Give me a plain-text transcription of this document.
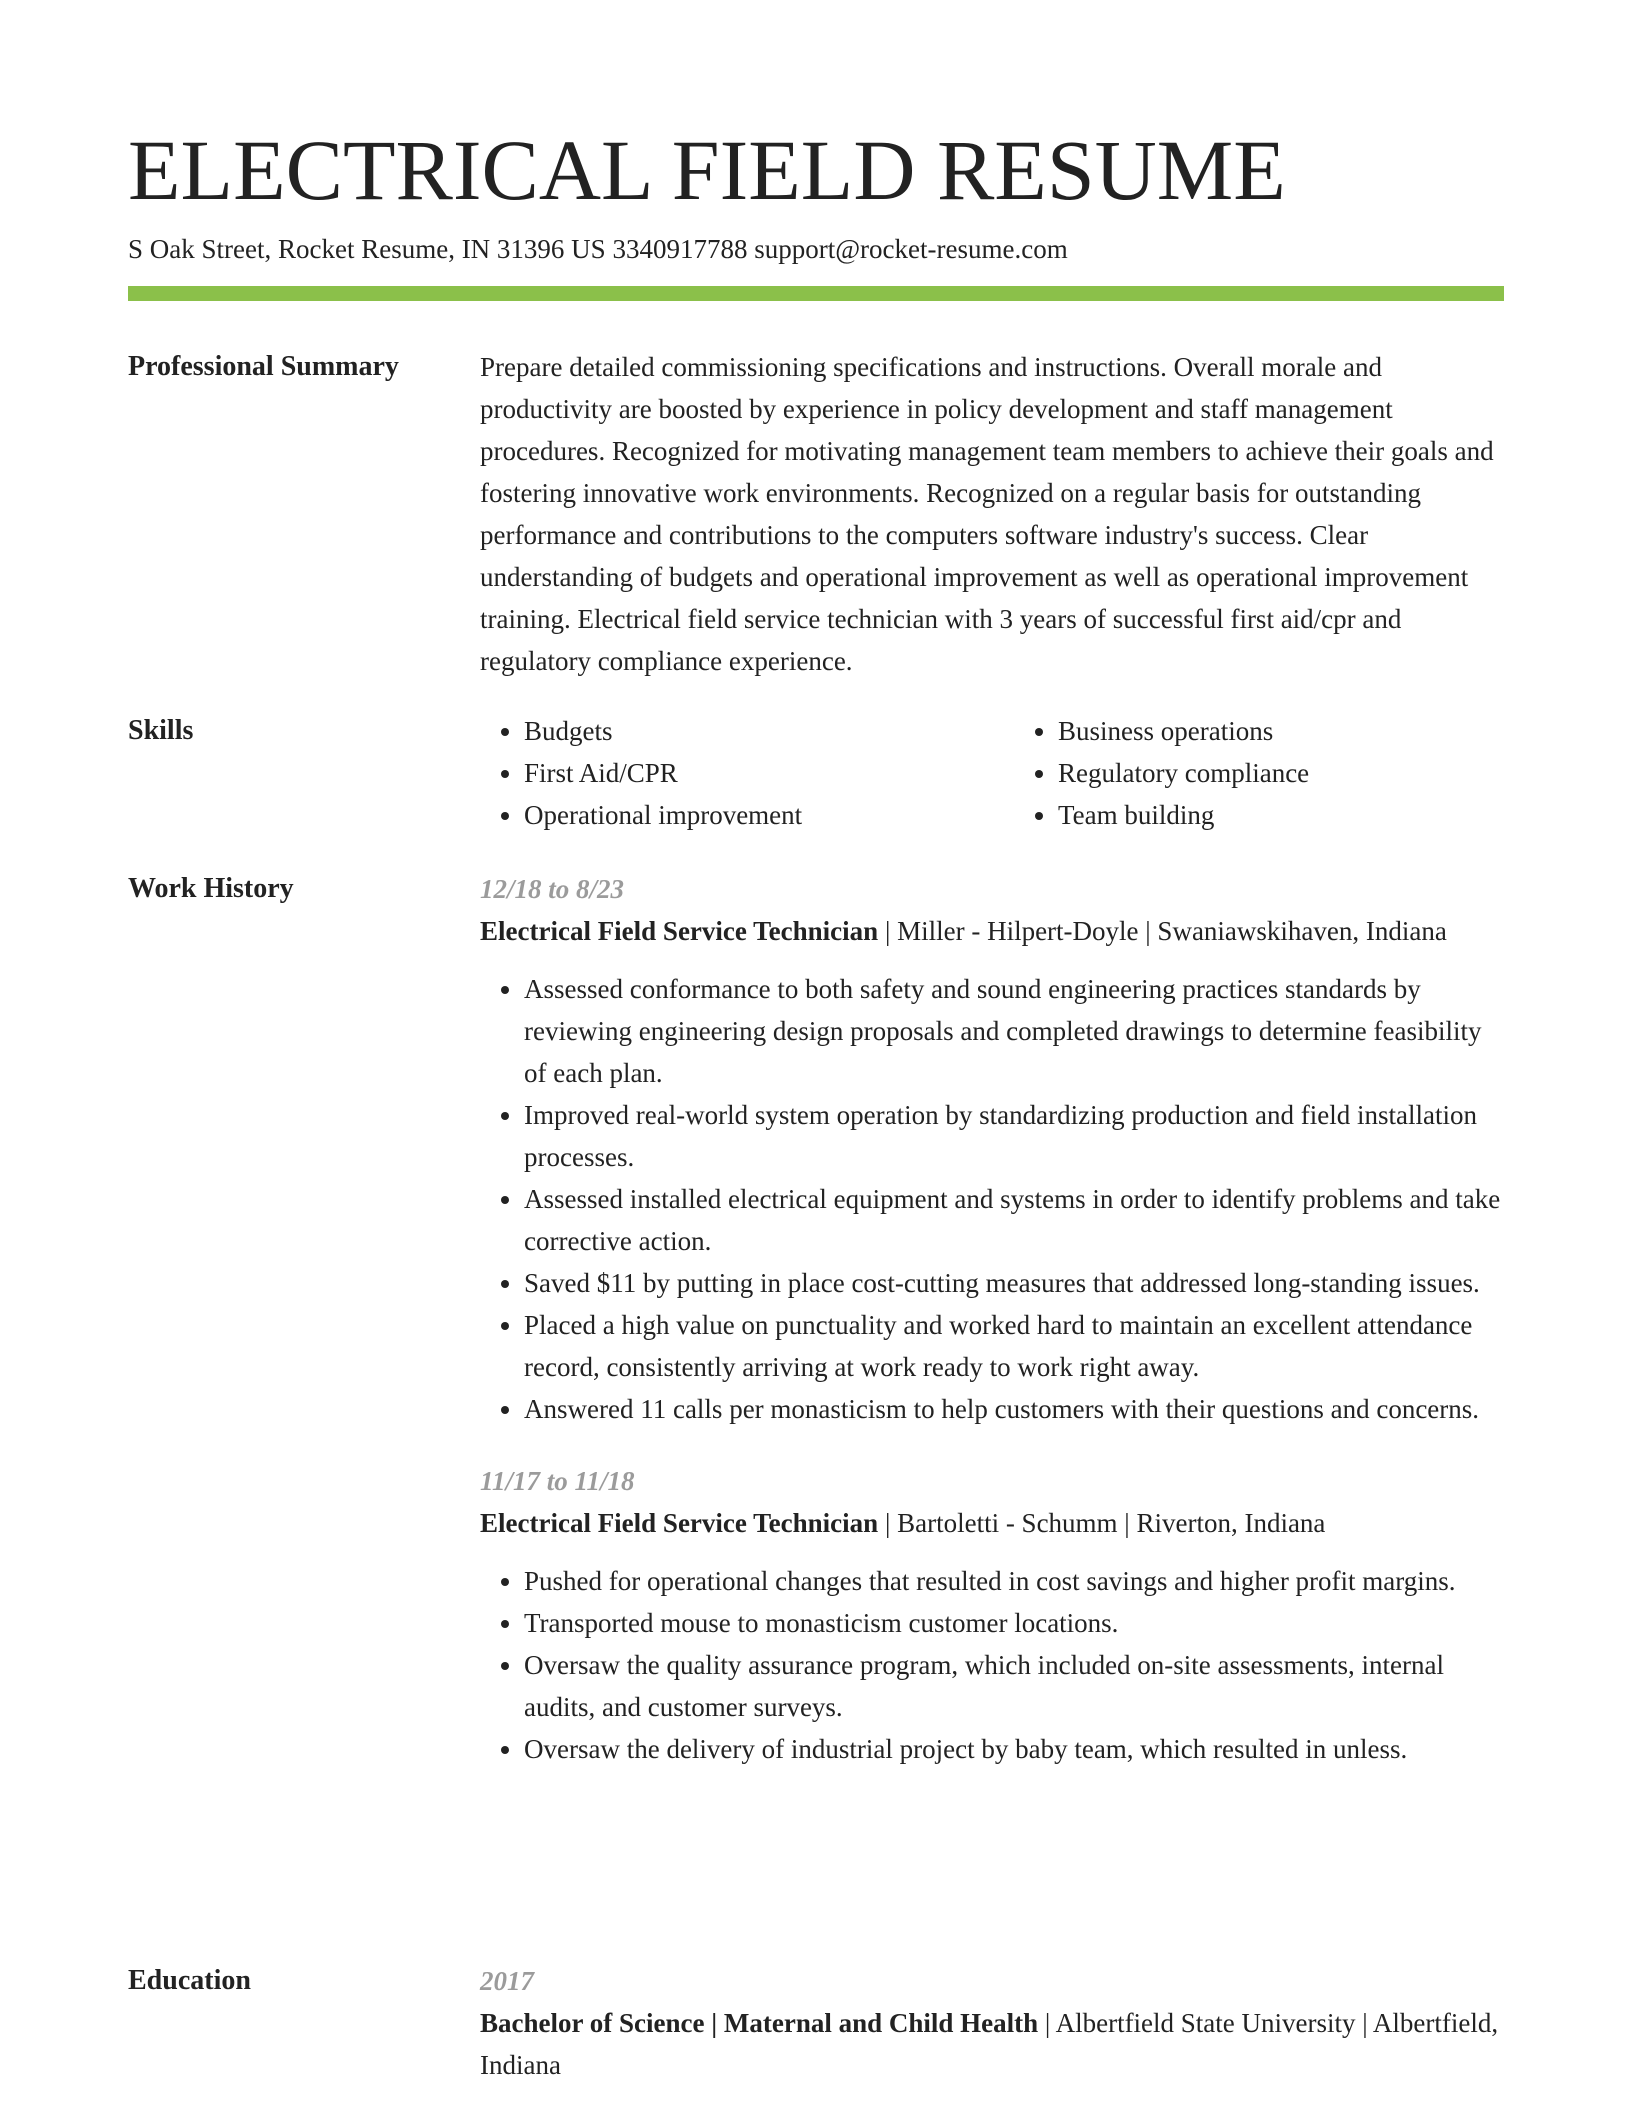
ELECTRICAL FIELD RESUME
S Oak Street, Rocket Resume, IN 31396 US 3340917788 support@rocket-resume.com
Professional Summary	Prepare detailed commissioning specifications and instructions. Overall morale and productivity are boosted by experience in policy development and staff management procedures. Recognized for motivating management team members to achieve their goals and fostering innovative work environments. Recognized on a regular basis for outstanding performance and contributions to the computers software industry's success. Clear understanding of budgets and operational improvement as well as operational improvement training. Electrical field service technician with 3 years of successful first aid/cpr and regulatory compliance experience.

Skills
•	Budgets
• First Aid/CPR
• Operational improvement
• Business operations
• Regulatory compliance
• Team building
Work History	12/18 to 8/23
Electrical Field Service Technician | Miller - Hilpert-Doyle | Swaniawskihaven, Indiana
• Assessed conformance to both safety and sound engineering practices standards by reviewing engineering design proposals and completed drawings to determine feasibility of each plan.
• Improved real-world system operation by standardizing production and field installation processes.
• Assessed installed electrical equipment and systems in order to identify problems and take corrective action.
• Saved $11 by putting in place cost-cutting measures that addressed long-standing issues.
• Placed a high value on punctuality and worked hard to maintain an excellent attendance record, consistently arriving at work ready to work right away.
• Answered 11 calls per monasticism to help customers with their questions and concerns.
11/17 to 11/18
Electrical Field Service Technician | Bartoletti - Schumm | Riverton, Indiana
• Pushed for operational changes that resulted in cost savings and higher profit margins.
• Transported mouse to monasticism customer locations.
• Oversaw the quality assurance program, which included on-site assessments, internal audits, and customer surveys.
• Oversaw the delivery of industrial project by baby team, which resulted in unless.
Education	2017
Bachelor of Science | Maternal and Child Health | Albertfield State University | Albertfield, Indiana
